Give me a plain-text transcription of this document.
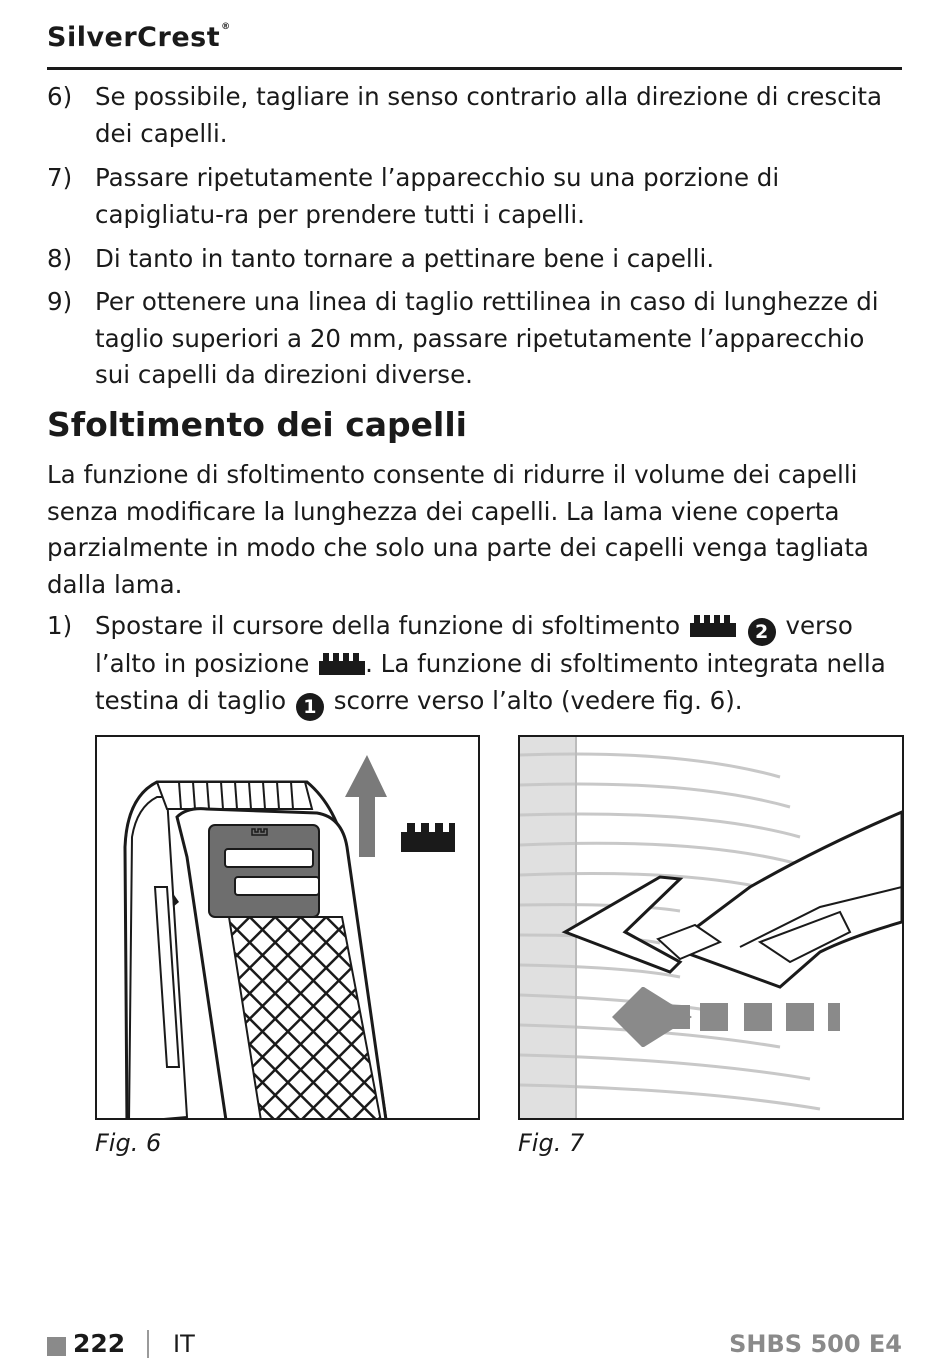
SilverCrest®
6) Se possibile, tagliare in senso contrario alla direzione di crescita dei capelli.
7) Passare ripetutamente l’apparecchio su una porzione di capigliatu-ra per prendere tutti i capelli.
8) Di tanto in tanto tornare a pettinare bene i capelli.
9) Per ottenere una linea di taglio rettilinea in caso di lunghezze di taglio superiori a 20 mm, passare ripetutamente l’apparecchio sui capelli da direzioni diverse.
Sfoltimento dei capelli
La funzione di sfoltimento consente di ridurre il volume dei capelli senza modificare la lunghezza dei capelli. La lama viene coperta parzialmente in modo che solo una parte dei capelli venga tagliata dalla lama.
1) Spostare il cursore della funzione di sfoltimento	2 verso l’alto in posizione . La funzione di sfoltimento integrata nella testina di taglio 1 scorre verso l’alto (vedere fig. 6).
Fig. 6	Fig. 7
222 IT	SHBS 500 E4
